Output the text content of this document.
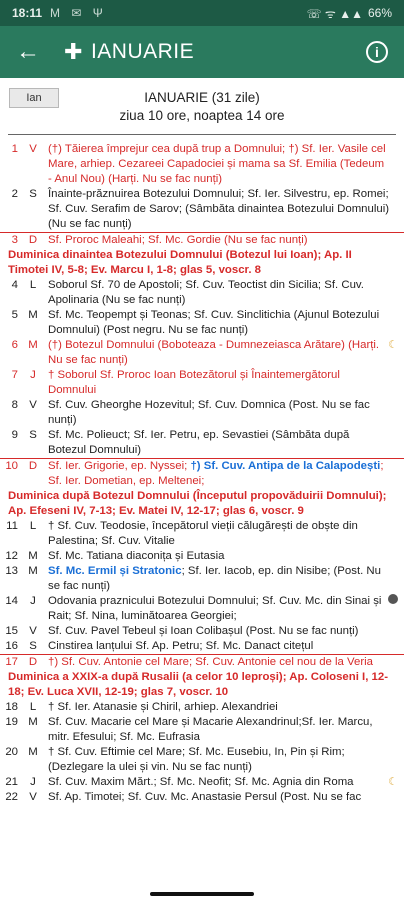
18:11 M ✉ Ψ	☏ ᯤ ▲▲ 66%
←	✚ IANUARIE	i
Ian	IANUARIE (31 zile)
ziua 10 ore, noaptea 14 ore
1 V (†) Tăierea împrejur cea după trup a Domnului; †) Sf. Ier. Vasile cel Mare, arhiep. Cezareei Capadociei și mama sa Sf. Emilia (Tedeum - Anul Nou) (Harți. Nu se fac nunți)
2 S Înainte-prăznuirea Botezului Domnului; Sf. Ier. Silvestru, ep. Romei; Sf. Cuv. Serafim de Sarov; (Sâmbăta dinaintea Botezului Domnului) (Nu se fac nunți)
3 D Sf. Proroc Maleahi; Sf. Mc. Gordie (Nu se fac nunți)
Duminica dinaintea Botezului Domnului (Botezul lui Ioan); Ap. II Timotei IV, 5-8; Ev. Marcu I, 1-8; glas 5, voscr. 8
4	L	Soborul Sf. 70 de Apostoli; Sf. Cuv. Teoctist din Sicilia; Sf. Cuv. Apolinaria (Nu se fac nunți)
5 M Sf. Mc. Teopempt și Teonas; Sf. Cuv. Sinclitichia (Ajunul Botezului Domnului) (Post negru. Nu se fac nunți)
6 M (†) Botezul Domnului (Boboteaza - Dumnezeiasca Arătare) (Harți. Nu se fac nunți)
☾
7	J	† Soborul Sf. Proroc Ioan Botezătorul și Înaintemergătorul Domnului
8 V Sf. Cuv. Gheorghe Hozevitul; Sf. Cuv. Domnica (Post. Nu se fac nunți)
9 S Sf. Mc. Polieuct; Sf. Ier. Petru, ep. Sevastiei (Sâmbăta după Botezul Domnului)
10 D Sf. Ier. Grigorie, ep. Nyssei; †) Sf. Cuv. Antipa de la Calapodești; Sf. Ier. Dometian, ep. Meltenei;
Duminica după Botezul Domnului (Începutul propovăduirii Domnului); Ap. Efeseni IV, 7-13; Ev. Matei IV, 12-17; glas 6, voscr. 9
11	L	† Sf. Cuv. Teodosie, începătorul vieții călugărești de obște din Palestina; Sf. Cuv. Vitalie
12 M Sf. Mc. Tatiana diaconița și Eutasia
13 M Sf. Mc. Ermil și Stratonic; Sf. Ier. Iacob, ep. din Nisibe; (Post. Nu se fac nunți)
14	J	Odovania praznicului Botezului Domnului; Sf. Cuv. Mc. din Sinai și Rait; Sf. Nina, luminătoarea Georgiei;
15 V Sf. Cuv. Pavel Tebeul și Ioan Colibașul (Post. Nu se fac nunți)
16 S Cinstirea lanțului Sf. Ap. Petru; Sf. Mc. Danact citețul
17 D †) Sf. Cuv. Antonie cel Mare; Sf. Cuv. Antonie cel nou de la Veria
Duminica a XXIX-a după Rusalii (a celor 10 leproși); Ap. Coloseni I, 12-18; Ev. Luca XVII, 12-19; glas 7, voscr. 10
18	L	† Sf. Ier. Atanasie și Chiril, arhiep. Alexandriei
19 M Sf. Cuv. Macarie cel Mare și Macarie Alexandrinul;Sf. Ier. Marcu, mitr. Efesului; Sf. Mc. Eufrasia
20 M † Sf. Cuv. Eftimie cel Mare; Sf. Mc. Eusebiu, In, Pin și Rim; (Dezlegare la ulei și vin. Nu se fac nunți)
21	J	Sf. Cuv. Maxim Mărt.; Sf. Mc. Neofit; Sf. Mc. Agnia din Roma	☾
22 V Sf. Ap. Timotei; Sf. Cuv. Mc. Anastasie Persul (Post. Nu se fac
